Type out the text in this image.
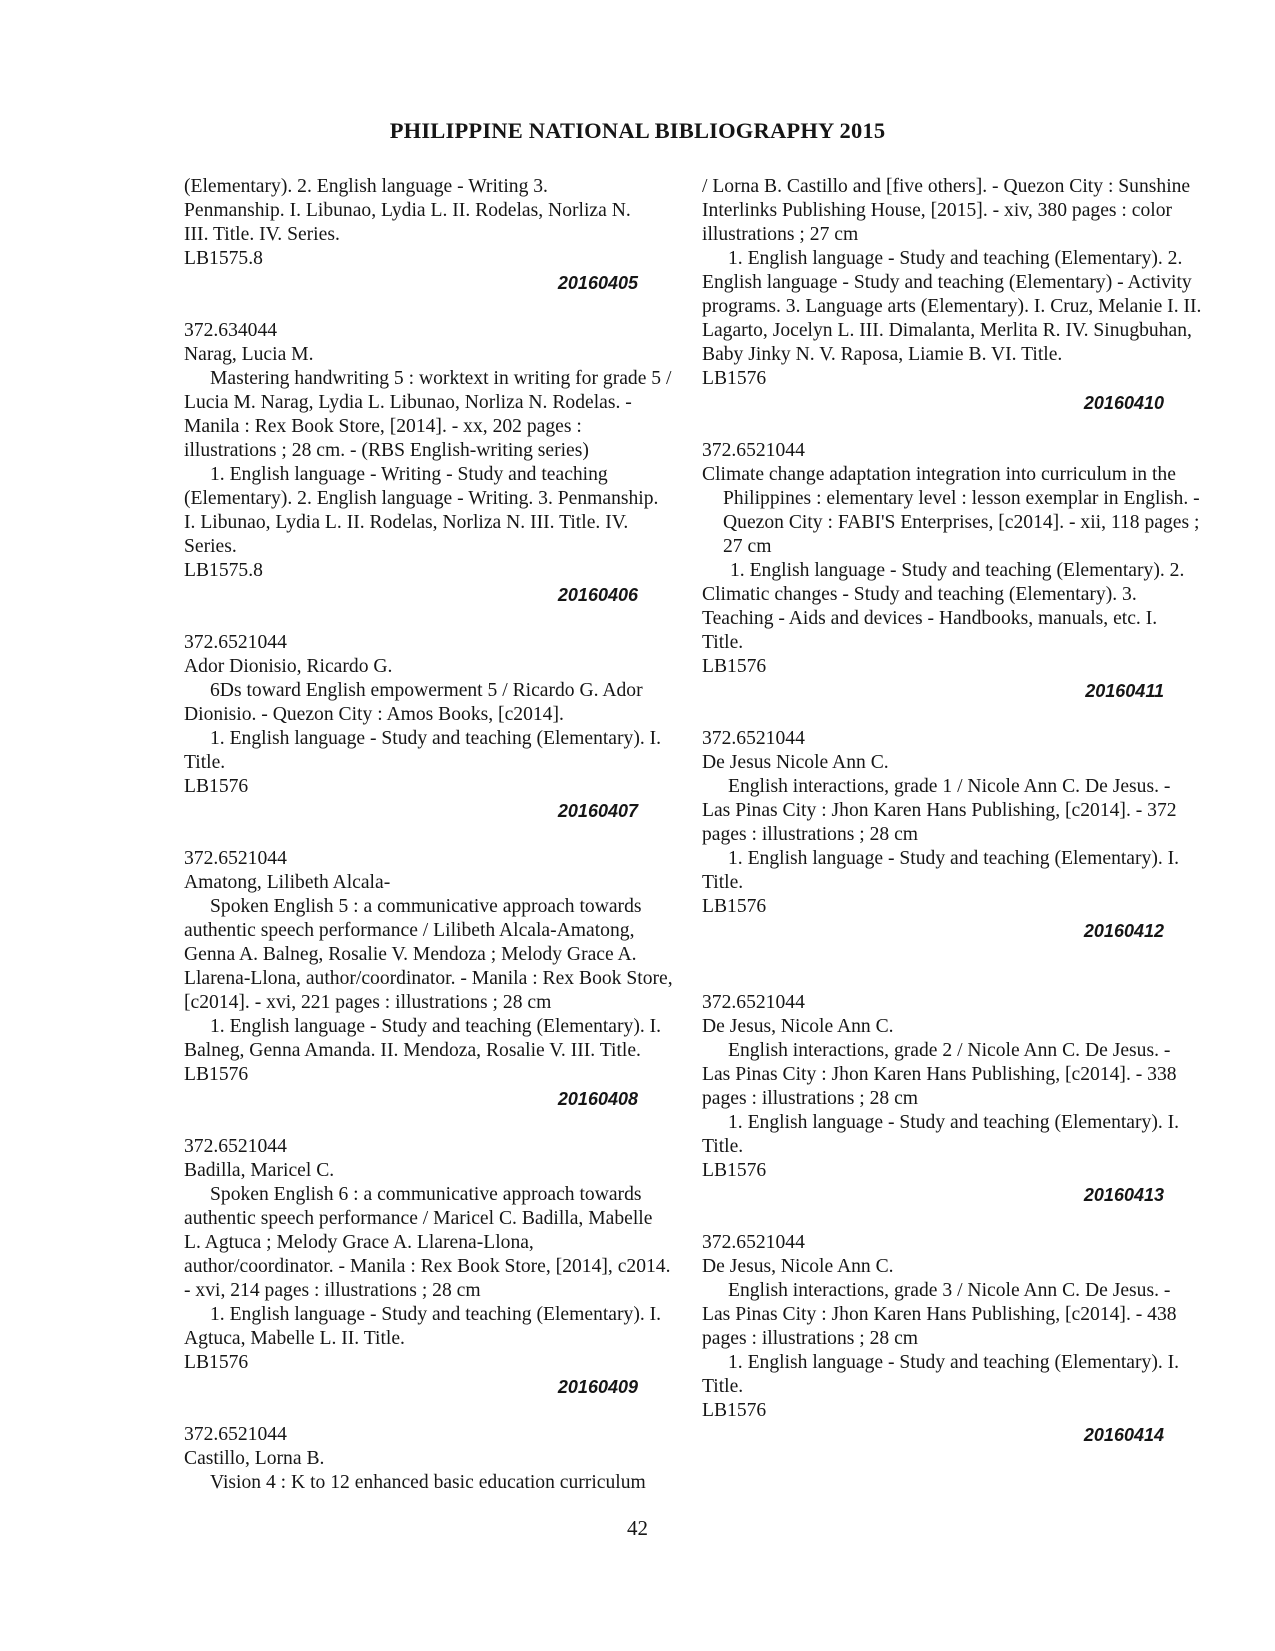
PHILIPPINE NATIONAL BIBLIOGRAPHY 2015
(Elementary). 2. English language - Writing 3.
Penmanship. I. Libunao, Lydia L. II. Rodelas, Norliza N.
III. Title. IV. Series.
LB1575.8
20160405
372.634044
Narag, Lucia M.
Mastering handwriting 5 : worktext in writing for grade 5 / Lucia M. Narag, Lydia L. Libunao, Norliza N. Rodelas. - Manila : Rex Book Store, [2014]. - xx, 202 pages : illustrations ; 28 cm. - (RBS English-writing series)
1. English language - Writing - Study and teaching (Elementary). 2. English language - Writing. 3. Penmanship. I. Libunao, Lydia L. II. Rodelas, Norliza N. III. Title. IV. Series.
LB1575.8
20160406
372.6521044
Ador Dionisio, Ricardo G.
6Ds toward English empowerment 5 / Ricardo G. Ador Dionisio. - Quezon City : Amos Books, [c2014].
1. English language - Study and teaching (Elementary). I. Title.
LB1576
20160407
372.6521044
Amatong, Lilibeth Alcala-
Spoken English 5 : a communicative approach towards authentic speech performance / Lilibeth Alcala-Amatong, Genna A. Balneg, Rosalie V. Mendoza ; Melody Grace A. Llarena-Llona, author/coordinator. - Manila : Rex Book Store, [c2014]. - xvi, 221 pages : illustrations ; 28 cm
1. English language - Study and teaching (Elementary). I. Balneg, Genna Amanda. II. Mendoza, Rosalie V. III. Title.
LB1576
20160408
372.6521044
Badilla, Maricel C.
Spoken English 6 : a communicative approach towards authentic speech performance / Maricel C. Badilla, Mabelle L. Agtuca ; Melody Grace A. Llarena-Llona, author/coordinator. - Manila : Rex Book Store, [2014], c2014. - xvi, 214 pages : illustrations ; 28 cm
1. English language - Study and teaching (Elementary). I. Agtuca, Mabelle L. II. Title.
LB1576
20160409
372.6521044
Castillo, Lorna B.
Vision 4 : K to 12 enhanced basic education curriculum
/ Lorna B. Castillo and [five others]. - Quezon City : Sunshine Interlinks Publishing House, [2015]. - xiv, 380 pages : color illustrations ; 27 cm
1. English language - Study and teaching (Elementary). 2. English language - Study and teaching (Elementary) - Activity programs. 3. Language arts (Elementary). I. Cruz, Melanie I. II. Lagarto, Jocelyn L. III. Dimalanta, Merlita R. IV. Sinugbuhan, Baby Jinky N. V. Raposa, Liamie B. VI. Title.
LB1576
20160410
372.6521044
Climate change adaptation integration into curriculum in the Philippines : elementary level : lesson exemplar in English. - Quezon City : FABI'S Enterprises, [c2014]. - xii, 118 pages ; 27 cm
1. English language - Study and teaching (Elementary). 2. Climatic changes - Study and teaching (Elementary). 3. Teaching - Aids and devices - Handbooks, manuals, etc. I. Title.
LB1576
20160411
372.6521044
De Jesus Nicole Ann C.
English interactions, grade 1 / Nicole Ann C. De Jesus. - Las Pinas City : Jhon Karen Hans Publishing, [c2014]. - 372 pages : illustrations ; 28 cm
1. English language - Study and teaching (Elementary). I. Title.
LB1576
20160412
372.6521044
De Jesus, Nicole Ann C.
English interactions, grade 2 / Nicole Ann C. De Jesus. - Las Pinas City : Jhon Karen Hans Publishing, [c2014]. - 338 pages : illustrations ; 28 cm
1. English language - Study and teaching (Elementary). I. Title.
LB1576
20160413
372.6521044
De Jesus, Nicole Ann C.
English interactions, grade 3 / Nicole Ann C. De Jesus. - Las Pinas City : Jhon Karen Hans Publishing, [c2014]. - 438 pages : illustrations ; 28 cm
1. English language - Study and teaching (Elementary). I. Title.
LB1576
20160414
42
